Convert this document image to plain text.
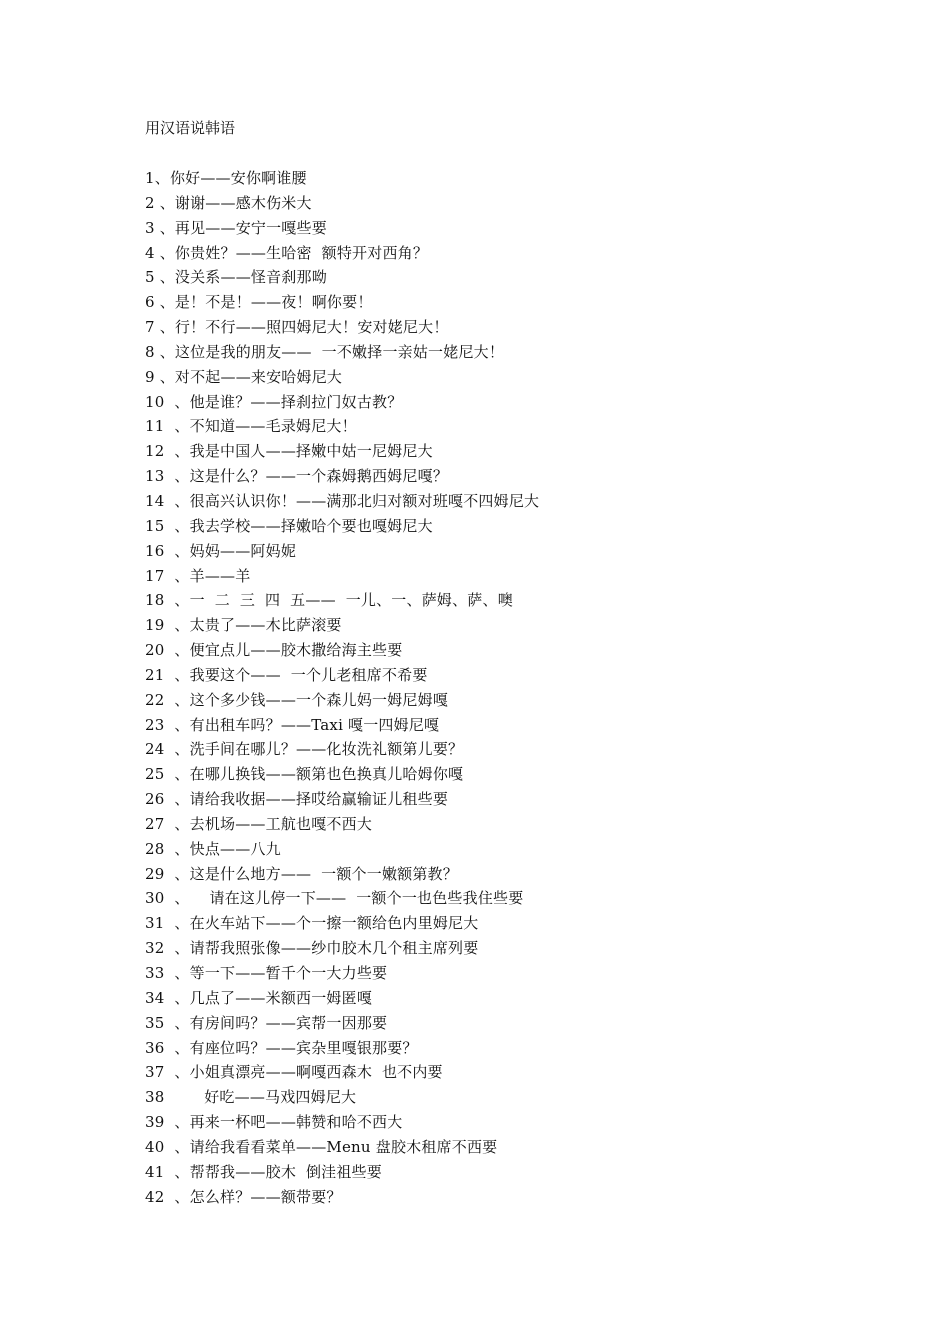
用汉语说韩语
1、你好——安你啊谁腰
2 、谢谢——感木伤米大
3 、再见——安宁一嘎些要
4 、你贵姓？——生哈密  额特开对西角？
5 、没关系——怪音刹那呦
6 、是！不是！——夜！啊你要！
7 、行！不行——照四姆尼大！安对姥尼大！
8 、这位是我的朋友——  一不嫩择一亲姑一姥尼大！
9 、对不起——来安哈姆尼大
10  、他是谁？——择刹拉门奴古教？
11  、不知道——毛录姆尼大！
12  、我是中国人——择嫩中姑一尼姆尼大
13  、这是什么？——一个森姆鹅西姆尼嘎？
14  、很高兴认识你！——满那北归对额对班嘎不四姆尼大
15  、我去学校——择嫩哈个要也嘎姆尼大
16  、妈妈——阿妈妮
17  、羊——羊
18  、一  二  三  四  五——  一儿、一、萨姆、萨、噢
19  、太贵了——木比萨滚要
20  、便宜点儿——胶木撒给海主些要
21  、我要这个——  一个儿老租席不希要
22  、这个多少钱——一个森儿妈一姆尼姆嘎
23  、有出租车吗？——Taxi 嘎一四姆尼嘎
24  、洗手间在哪儿？——化妆洗礼额第儿要？
25  、在哪儿换钱——额第也色换真儿哈姆你嘎
26  、请给我收据——择哎给赢输证儿租些要
27  、去机场——工航也嘎不西大
28  、快点——八九
29  、这是什么地方——  一额个一嫩额第教？
30  、    请在这儿停一下——  一额个一也色些我住些要
31  、在火车站下——个一擦一额给色内里姆尼大
32  、请帮我照张像——纱巾胶木几个租主席列要
33  、等一下——暂千个一大力些要
34  、几点了——米额西一姆匿嘎
35  、有房间吗？——宾帮一因那要
36  、有座位吗？——宾杂里嘎银那要？
37  、小姐真漂亮——啊嘎西森木  也不内要
38        好吃——马戏四姆尼大
39  、再来一杯吧——韩赞和哈不西大
40  、请给我看看菜单——Menu 盘胶木租席不西要
41  、帮帮我——胶木  倒洼祖些要
42  、怎么样？——额带要？
